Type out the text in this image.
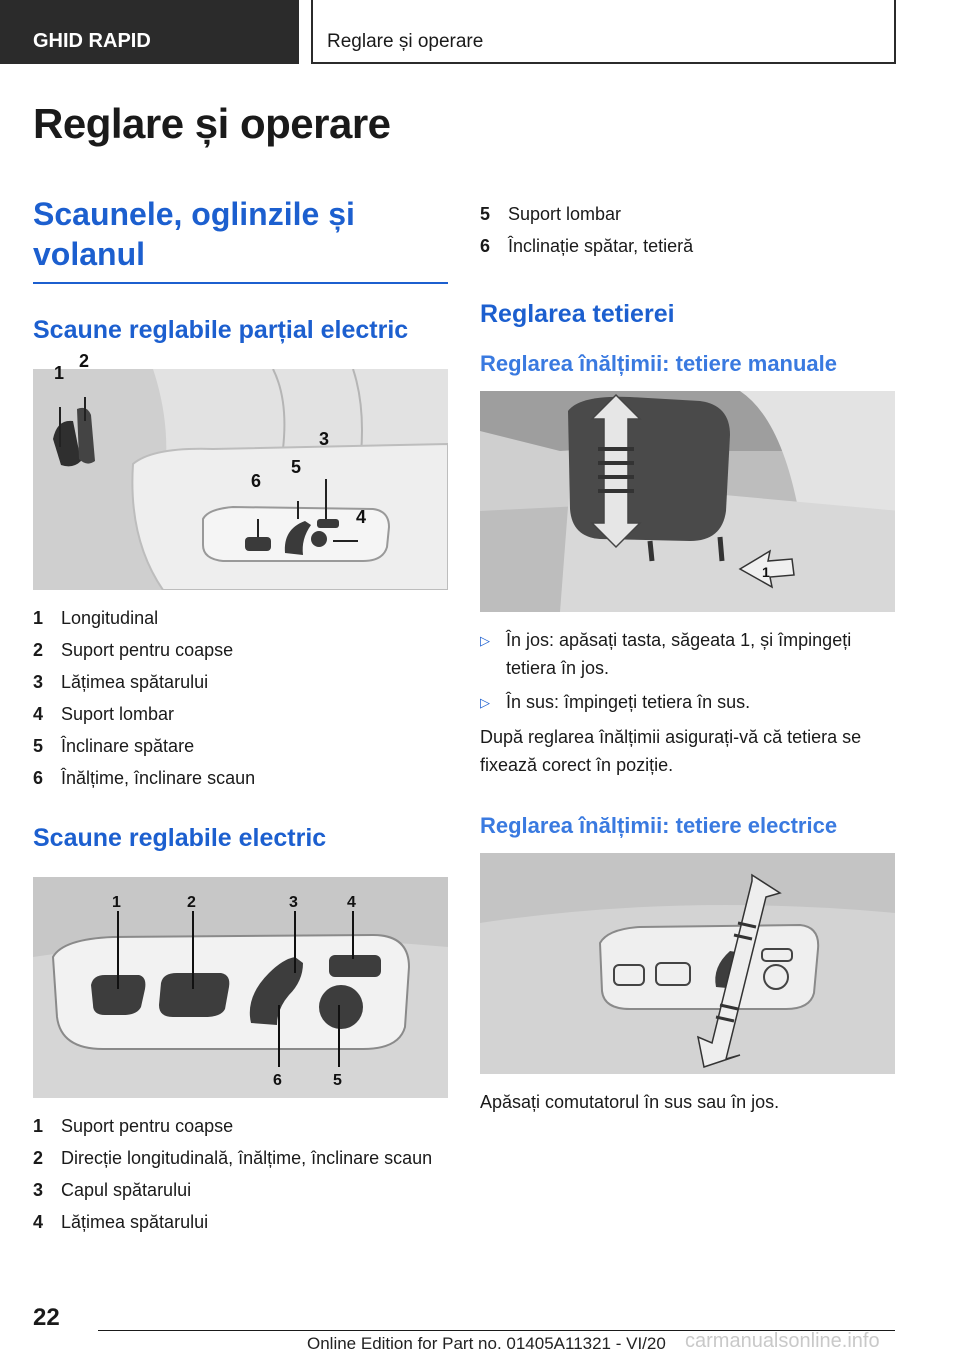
GHID RAPID	Reglare și operare
Reglare și operare
Scaunele, oglinzile și volanul
Scaune reglabile parțial electric
1 Longitudinal
2 Suport pentru coapse
3 Lățimea spătarului
4 Suport lombar
5 Înclinare spătare
6 Înălțime, înclinare scaun
Scaune reglabile electric
1	2	3	4
6	5
1 Suport pentru coapse
2 Direcție longitudinală, înălțime, înclinare scaun
3 Capul spătarului
4 Lățimea spătarului
5 Suport lombar
6 Înclinație spătar, tetieră
Reglarea tetierei
Reglarea înălțimii: tetiere manuale
1
▷ În jos: apăsați tasta, săgeata 1, și împingeți tetiera în jos.
▷ În sus: împingeți tetiera în sus.

După reglarea înălțimii asigurați-vă că tetiera se fixează corect în poziție.

Reglarea înălțimii: tetiere electrice

Apăsați comutatorul în sus sau în jos.

1
2
3
4
5
6
22
Online Edition for Part no. 01405A11321 - VI/20 carmanualsonline.info
